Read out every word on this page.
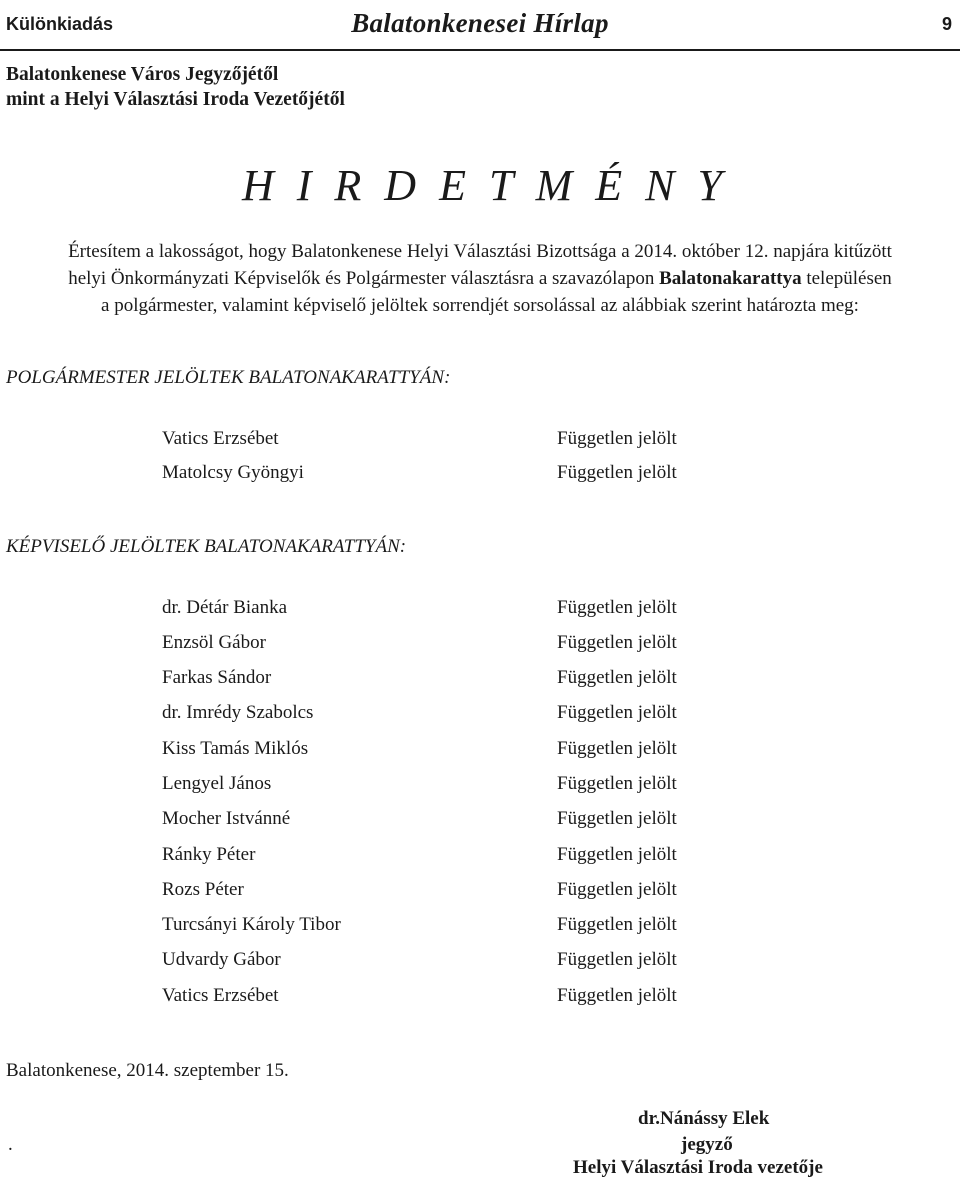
Különkiadás	Balatonkenesei Hírlap	9
Balatonkenese Város Jegyzőjétől
mint a Helyi Választási Iroda Vezetőjétől
H I R D E T M É N Y
Értesítem a lakosságot, hogy Balatonkenese Helyi Választási Bizottsága a 2014. október 12. napjára kitűzött
helyi Önkormányzati Képviselők és Polgármester választásra a szavazólapon Balatonakarattya településen
a polgármester, valamint képviselő jelöltek sorrendjét sorsolással az alábbiak szerint határozta meg:
POLGÁRMESTER JELÖLTEK BALATONAKARATTYÁN:
Vatics Erzsébet	Független jelölt
Matolcsy Gyöngyi	Független jelölt
KÉPVISELŐ JELÖLTEK BALATONAKARATTYÁN:
dr. Détár Bianka	Független jelölt
Enzsöl Gábor	Független jelölt
Farkas Sándor	Független jelölt
dr. Imrédy Szabolcs	Független jelölt
Kiss Tamás Miklós	Független jelölt
Lengyel János	Független jelölt
Mocher Istvánné	Független jelölt
Ránky Péter	Független jelölt
Rozs Péter	Független jelölt
Turcsányi Károly Tibor	Független jelölt
Udvardy Gábor	Független jelölt
Vatics Erzsébet	Független jelölt
Balatonkenese, 2014. szeptember 15.
.
dr.Nánássy Elek
jegyző
Helyi Választási Iroda vezetője
